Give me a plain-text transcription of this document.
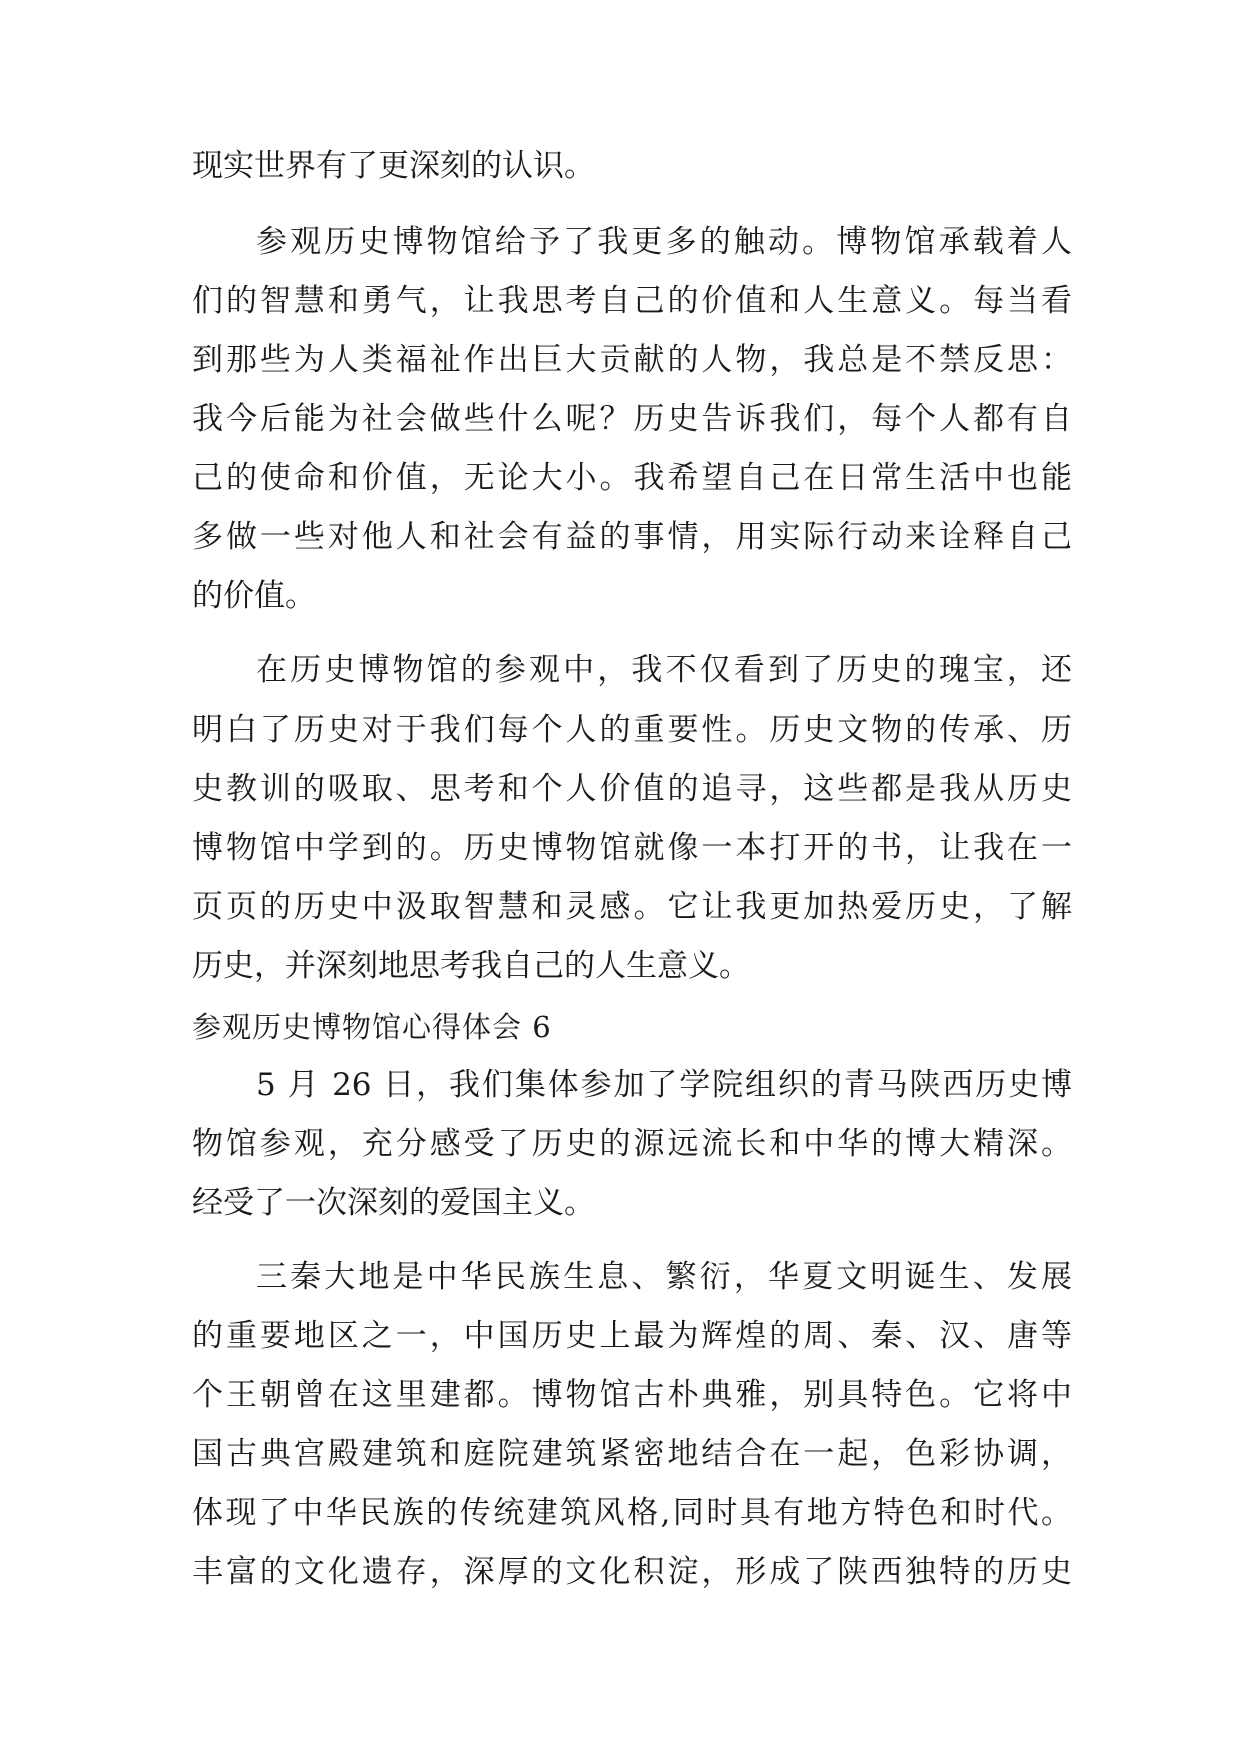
现实世界有了更深刻的认识。
参观历史博物馆给予了我更多的触动。博物馆承载着人
们的智慧和勇气，让我思考自己的价值和人生意义。每当看
到那些为人类福祉作出巨大贡献的人物，我总是不禁反思：
我今后能为社会做些什么呢？历史告诉我们，每个人都有自
己的使命和价值，无论大小。我希望自己在日常生活中也能
多做一些对他人和社会有益的事情，用实际行动来诠释自己
的价值。
在历史博物馆的参观中，我不仅看到了历史的瑰宝，还
明白了历史对于我们每个人的重要性。历史文物的传承、历
史教训的吸取、思考和个人价值的追寻，这些都是我从历史
博物馆中学到的。历史博物馆就像一本打开的书，让我在一
页页的历史中汲取智慧和灵感。它让我更加热爱历史，了解
历史，并深刻地思考我自己的人生意义。
参观历史博物馆心得体会 6
5 月 26 日，我们集体参加了学院组织的青马陕西历史博
物馆参观，充分感受了历史的源远流长和中华的博大精深。
经受了一次深刻的爱国主义。
三秦大地是中华民族生息、繁衍，华夏文明诞生、发展
的重要地区之一，中国历史上最为辉煌的周、秦、汉、唐等
个王朝曾在这里建都。博物馆古朴典雅，别具特色。它将中
国古典宫殿建筑和庭院建筑紧密地结合在一起，色彩协调，
体现了中华民族的传统建筑风格,同时具有地方特色和时代。
丰富的文化遗存，深厚的文化积淀，形成了陕西独特的历史
